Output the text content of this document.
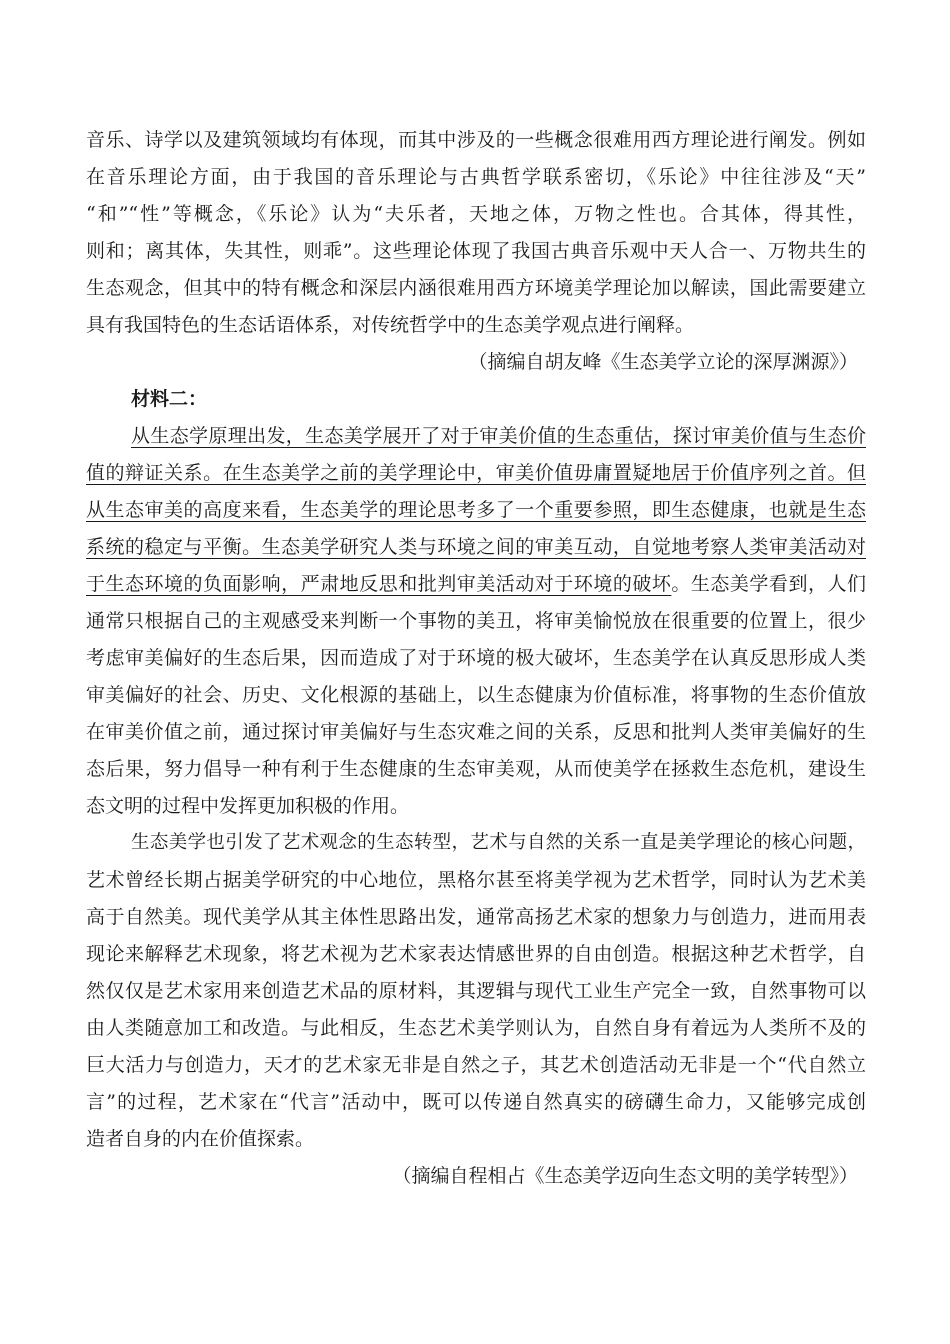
音乐、诗学以及建筑领域均有体现，而其中涉及的一些概念很难用西方理论进行阐发。例如
在音乐理论方面，由于我国的音乐理论与古典哲学联系密切，《乐论》中往往涉及“天”
“和”“性”等概念，《乐论》认为“夫乐者，天地之体，万物之性也。合其体，得其性，
则和；离其体，失其性，则乖”。这些理论体现了我国古典音乐观中天人合一、万物共生的
生态观念，但其中的特有概念和深层内涵很难用西方环境美学理论加以解读，国此需要建立
具有我国特色的生态话语体系，对传统哲学中的生态美学观点进行阐释。
（摘编自胡友峰《生态美学立论的深厚渊源》）
材料二：
从生态学原理出发，生态美学展开了对于审美价值的生态重估，探讨审美价值与生态价
值的辩证关系。在生态美学之前的美学理论中，审美价值毋庸置疑地居于价值序列之首。但
从生态审美的高度来看，生态美学的理论思考多了一个重要参照，即生态健康，也就是生态
系统的稳定与平衡。生态美学研究人类与环境之间的审美互动，自觉地考察人类审美活动对
于生态环境的负面影响，严肃地反思和批判审美活动对于环境的破坏。生态美学看到，人们
通常只根据自己的主观感受来判断一个事物的美丑，将审美愉悦放在很重要的位置上，很少
考虑审美偏好的生态后果，因而造成了对于环境的极大破坏，生态美学在认真反思形成人类
审美偏好的社会、历史、文化根源的基础上，以生态健康为价值标准，将事物的生态价值放
在审美价值之前，通过探讨审美偏好与生态灾难之间的关系，反思和批判人类审美偏好的生
态后果，努力倡导一种有利于生态健康的生态审美观，从而使美学在拯救生态危机，建设生
态文明的过程中发挥更加积极的作用。
生态美学也引发了艺术观念的生态转型，艺术与自然的关系一直是美学理论的核心问题，
艺术曾经长期占据美学研究的中心地位，黑格尔甚至将美学视为艺术哲学，同时认为艺术美
高于自然美。现代美学从其主体性思路出发，通常高扬艺术家的想象力与创造力，进而用表
现论来解释艺术现象，将艺术视为艺术家表达情感世界的自由创造。根据这种艺术哲学，自
然仅仅是艺术家用来创造艺术品的原材料，其逻辑与现代工业生产完全一致，自然事物可以
由人类随意加工和改造。与此相反，生态艺术美学则认为，自然自身有着远为人类所不及的
巨大活力与创造力，天才的艺术家无非是自然之子，其艺术创造活动无非是一个“代自然立
言”的过程，艺术家在“代言”活动中，既可以传递自然真实的磅礴生命力，又能够完成创
造者自身的内在价值探索。
（摘编自程相占《生态美学迈向生态文明的美学转型》）
